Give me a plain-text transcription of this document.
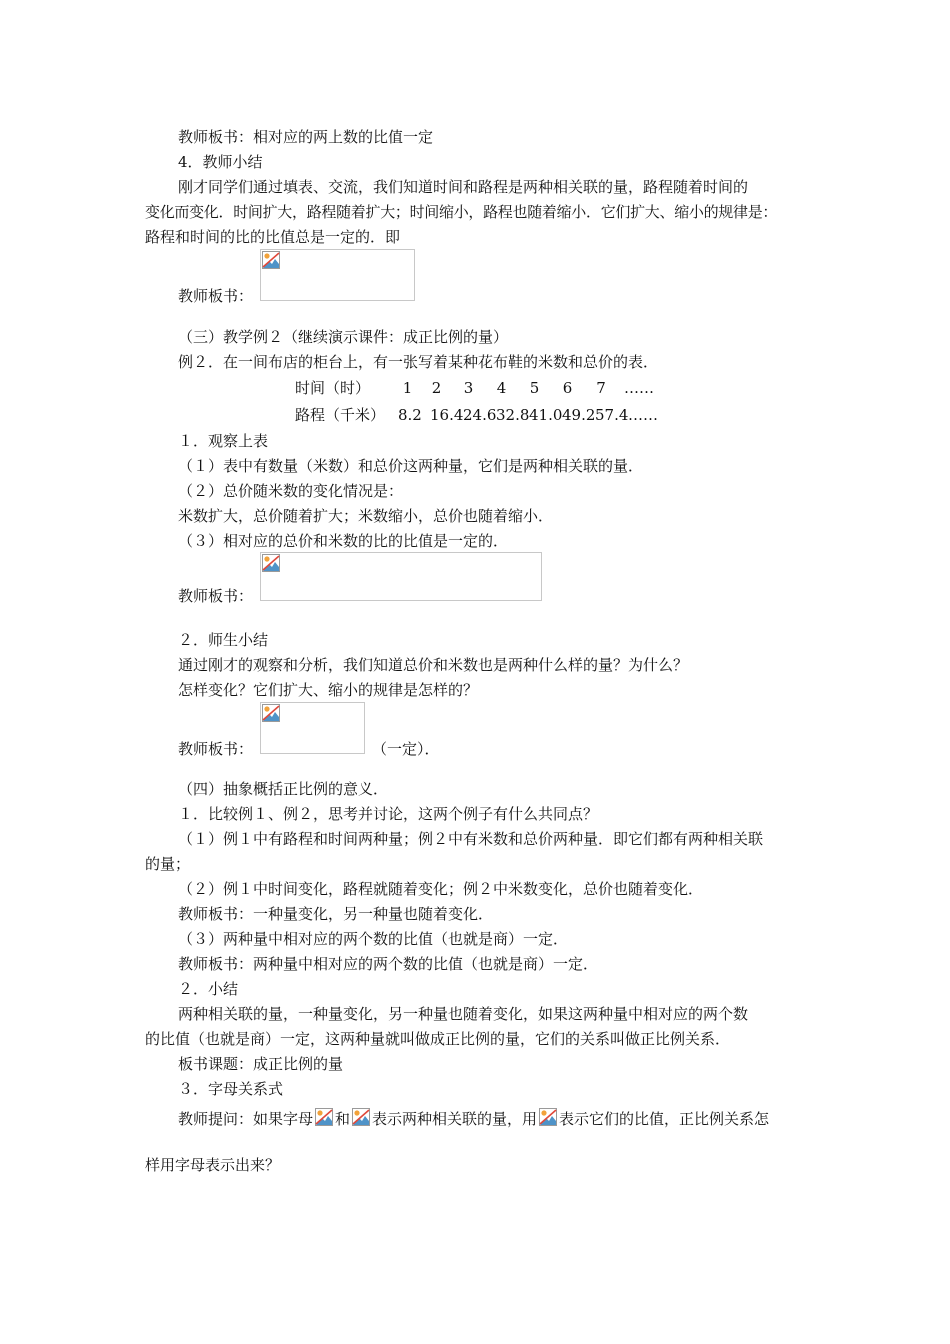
教师板书：相对应的两上数的比值一定
4．教师小结
刚才同学们通过填表、交流，我们知道时间和路程是两种相关联的量，路程随着时间的
变化而变化．时间扩大，路程随着扩大；时间缩小，路程也随着缩小．它们扩大、缩小的规律是：
路程和时间的比的比值总是一定的．即
教师板书：
（三）教学例２（继续演示课件：成正比例的量）
例２．在一间布店的柜台上，有一张写着某种花布鞋的米数和总价的表．
时间（时） 1 2 3 4 5 6 7 ……
路程（千米） 8.2 16.424.632.841.049.257.4……
１．观察上表
（１）表中有数量（米数）和总价这两种量，它们是两种相关联的量．
（２）总价随米数的变化情况是：
米数扩大，总价随着扩大；米数缩小，总价也随着缩小．
（３）相对应的总价和米数的比的比值是一定的．
教师板书：
２．师生小结
通过刚才的观察和分析，我们知道总价和米数也是两种什么样的量？为什么？
怎样变化？它们扩大、缩小的规律是怎样的？
教师板书：	（一定）．
（四）抽象概括正比例的意义．
１．比较例１、例２，思考并讨论，这两个例子有什么共同点？
（１）例１中有路程和时间两种量；例２中有米数和总价两种量．即它们都有两种相关联
的量；
（２）例１中时间变化，路程就随着变化；例２中米数变化，总价也随着变化．
教师板书：一种量变化，另一种量也随着变化．
（３）两种量中相对应的两个数的比值（也就是商）一定．
教师板书：两种量中相对应的两个数的比值（也就是商）一定．
２．小结
两种相关联的量，一种量变化，另一种量也随着变化，如果这两种量中相对应的两个数
的比值（也就是商）一定，这两种量就叫做成正比例的量，它们的关系叫做正比例关系．
板书课题：成正比例的量
３．字母关系式
教师提问：如果字母 和 表示两种相关联的量，用 表示它们的比值，正比例关系怎
样用字母表示出来？
